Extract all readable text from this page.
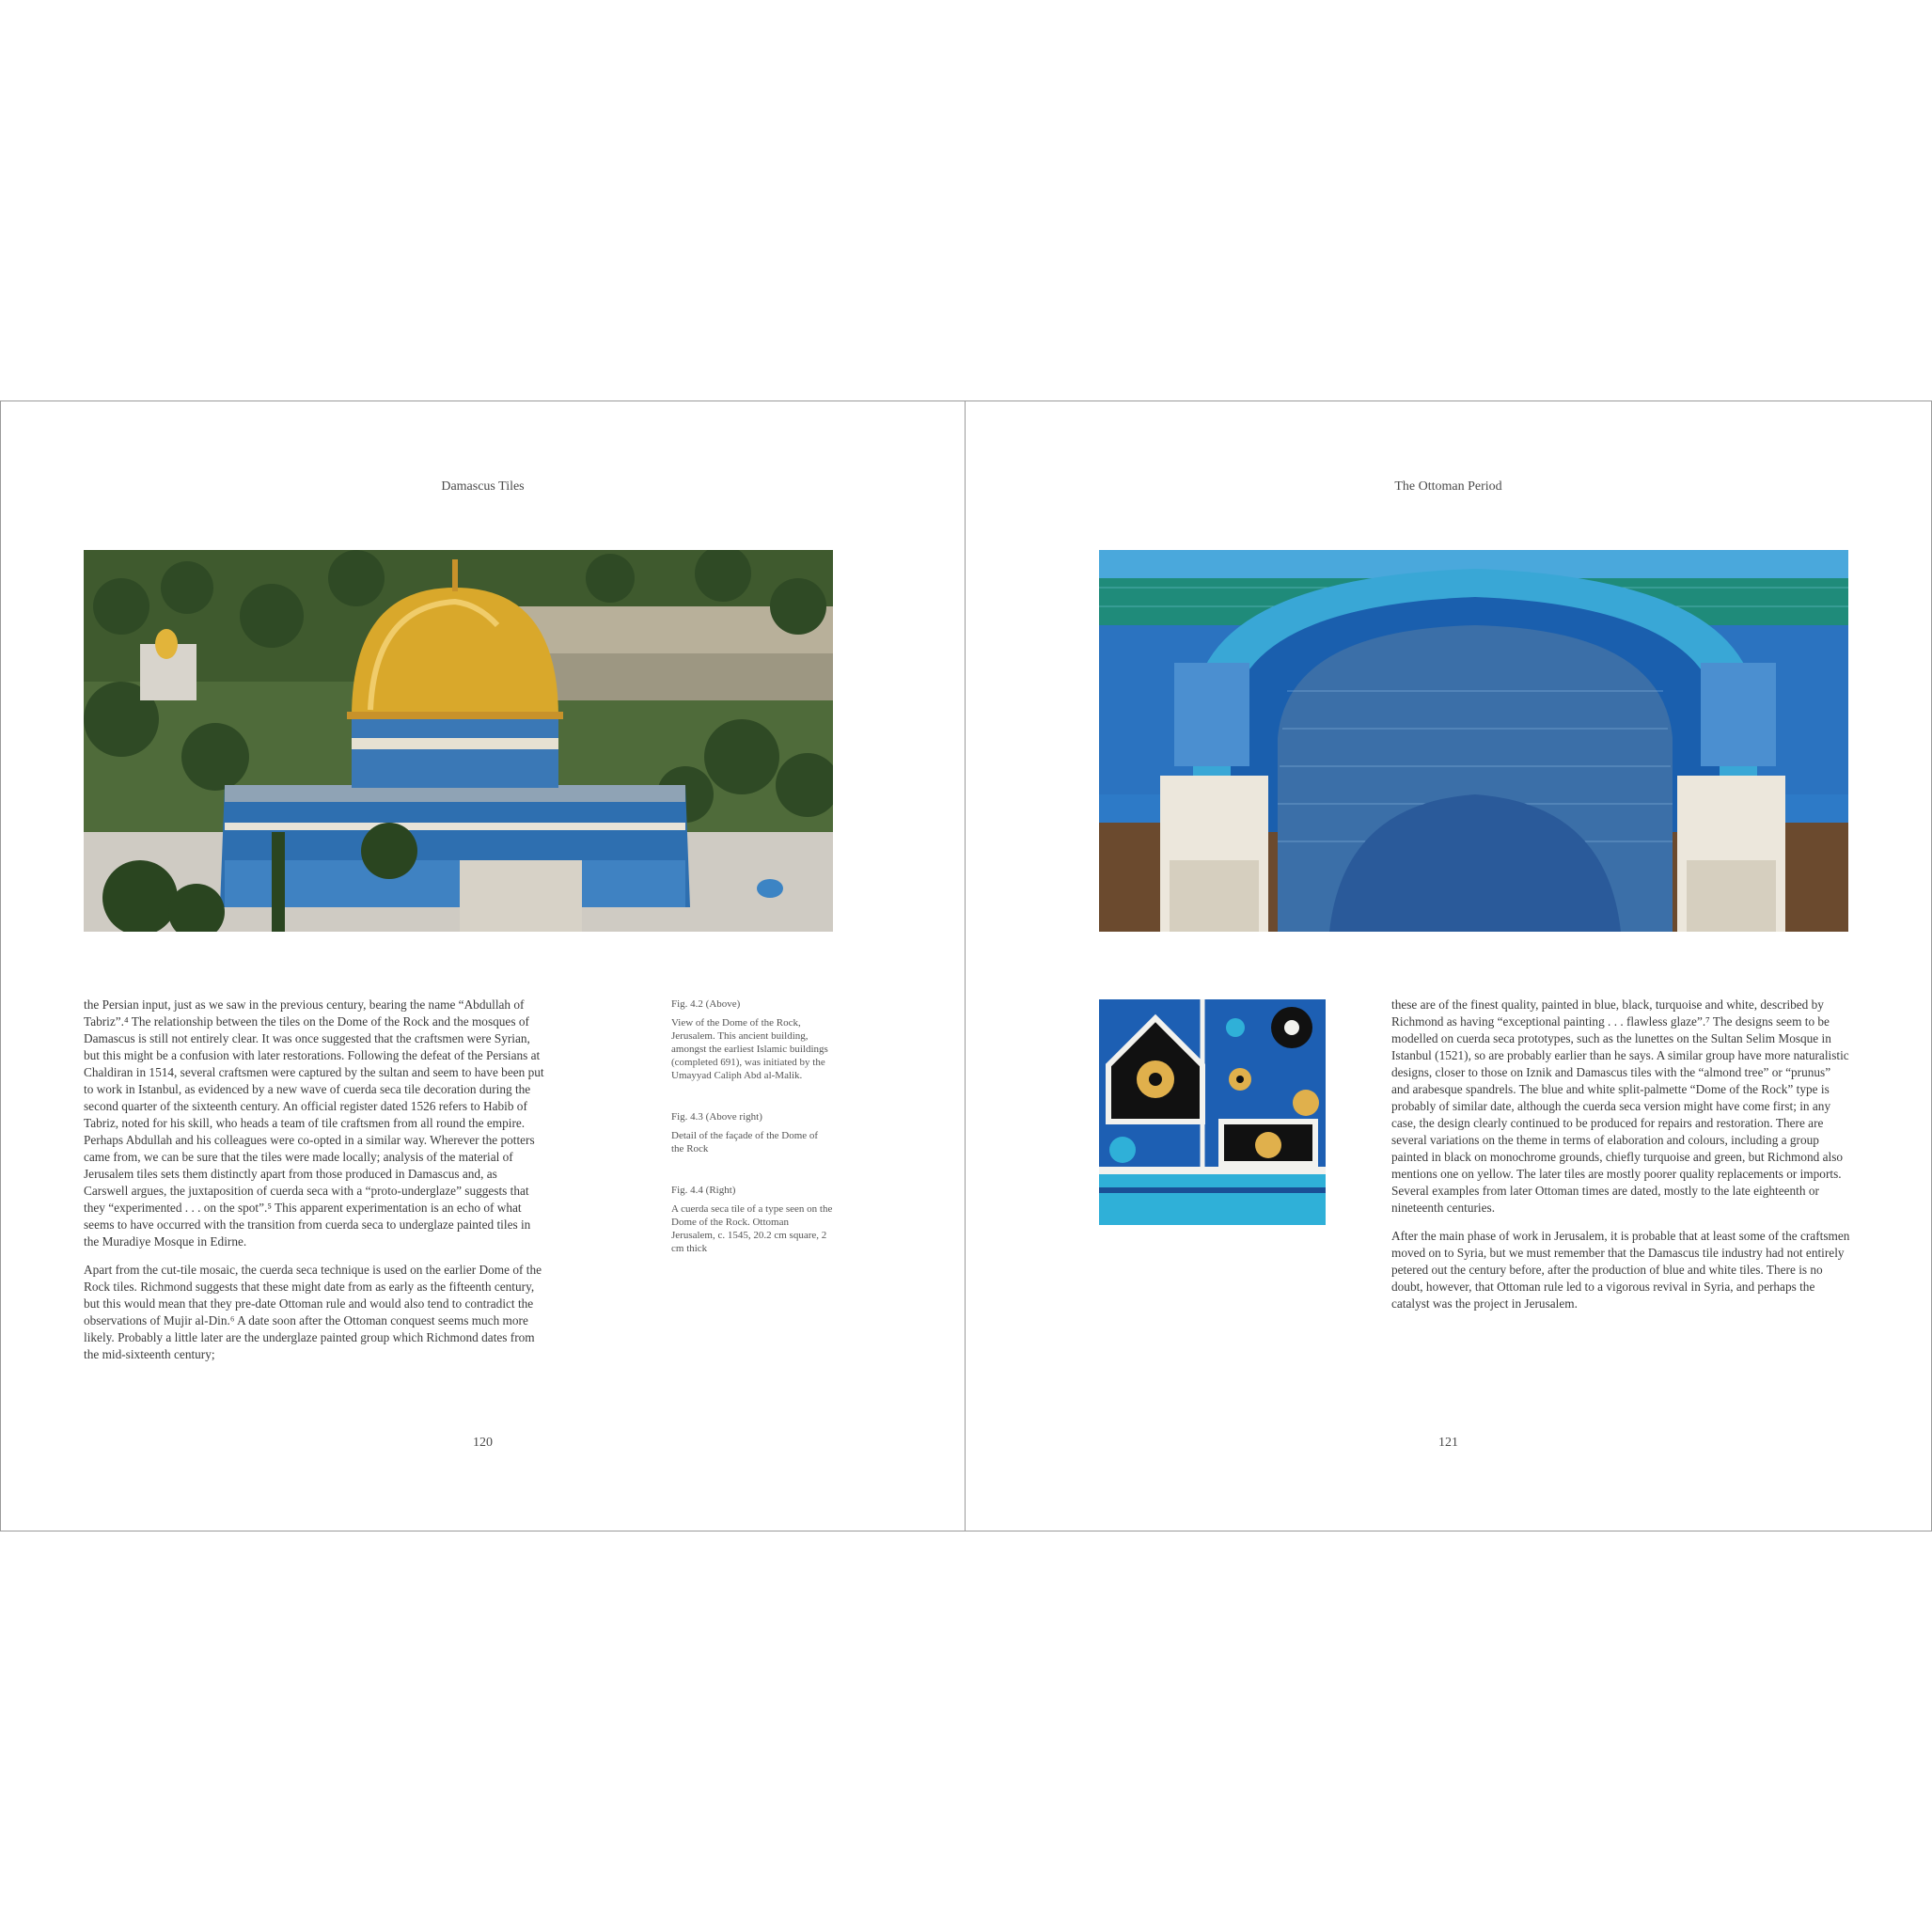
Damascus Tiles

the Persian input, just as we saw in the previous century, bearing the name “Abdullah of Tabriz”.⁴ The relationship between the tiles on the Dome of the Rock and the mosques of Damascus is still not entirely clear. It was once suggested that the craftsmen were Syrian, but this might be a confusion with later restorations. Following the defeat of the Persians at Chaldiran in 1514, several craftsmen were captured by the sultan and seem to have been put to work in Istanbul, as evidenced by a new wave of cuerda seca tile decoration during the second quarter of the sixteenth century. An official register dated 1526 refers to Habib of Tabriz, noted for his skill, who heads a team of tile craftsmen from all round the empire. Perhaps Abdullah and his colleagues were co-opted in a similar way. Wherever the potters came from, we can be sure that the tiles were made locally; analysis of the material of Jerusalem tiles sets them distinctly apart from those produced in Damascus and, as Carswell argues, the juxtaposition of cuerda seca with a “proto-underglaze” suggests that they “experimented . . . on the spot”.⁵ This apparent experimentation is an echo of what seems to have occurred with the transition from cuerda seca to underglaze painted tiles in the Muradiye Mosque in Edirne.

Apart from the cut-tile mosaic, the cuerda seca technique is used on the earlier Dome of the Rock tiles. Richmond suggests that these might date from as early as the fifteenth century, but this would mean that they pre-date Ottoman rule and would also tend to contradict the observations of Mujir al-Din.⁶ A date soon after the Ottoman conquest seems much more likely. Probably a little later are the underglaze painted group which Richmond dates from the mid-sixteenth century;

Fig. 4.2 (Above)
View of the Dome of the Rock, Jerusalem. This ancient building, amongst the earliest Islamic buildings (completed 691), was initiated by the Umayyad Caliph Abd al-Malik.
Fig. 4.3 (Above right)
Detail of the façade of the Dome of the Rock
Fig. 4.4 (Right)
A cuerda seca tile of a type seen on the Dome of the Rock. Ottoman Jerusalem, c. 1545, 20.2 cm square, 2 cm thick
120
The Ottoman Period

these are of the finest quality, painted in blue, black, turquoise and white, described by Richmond as having “exceptional painting . . . flawless glaze”.⁷ The designs seem to be modelled on cuerda seca prototypes, such as the lunettes on the Sultan Selim Mosque in Istanbul (1521), so are probably earlier than he says. A similar group have more naturalistic designs, closer to those on Iznik and Damascus tiles with the “almond tree” or “prunus” and arabesque spandrels. The blue and white split-palmette “Dome of the Rock” type is probably of similar date, although the cuerda seca version might have come first; in any case, the design clearly continued to be produced for repairs and restoration. There are several variations on the theme in terms of elaboration and colours, including a group painted in black on monochrome grounds, chiefly turquoise and green, but Richmond also mentions one on yellow. The later tiles are mostly poorer quality replacements or imports. Several examples from later Ottoman times are dated, mostly to the late eighteenth or nineteenth centuries.

After the main phase of work in Jerusalem, it is probable that at least some of the craftsmen moved on to Syria, but we must remember that the Damascus tile industry had not entirely petered out the century before, after the production of blue and white tiles. There is no doubt, however, that Ottoman rule led to a vigorous revival in Syria, and perhaps the catalyst was the project in Jerusalem.

121
